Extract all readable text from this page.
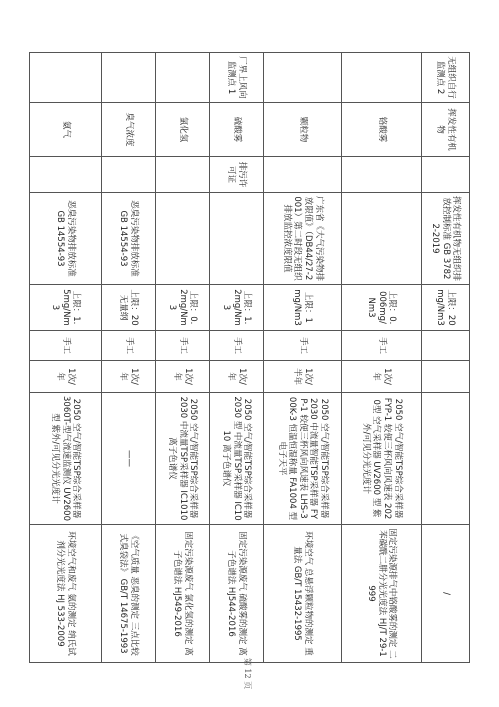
无组织自行监测点 2	挥发性有机物		挥发性有机物无组织排放控制标准 GB 37822-2019	上限：20mg/Nm3				/
	铬酸雾			上限：0.006mg/Nm3	手工	1次/年	2050 空气/智能TSP综合采样器 FYP-1 较便三杯风向风速表 2020型 空气采样器 UV2600 型 紫外/可见分光光度计	固定污染源排气中铬酸雾的测定 二苯碳酰二肼分光光度法 HJ/T 29-1999
	颗粒物		广东省《大气污染物排放限值》（DB44/27-2001）第二时段无组织排放监控浓度限值	上限：1mg/Nm3	手工	1次/半年	2050 空气/智能TSP综合采样器 2030 中流量智能TSP采样器 FYP-1 较便三杯风向风速表 LHS-300K-3 恒温恒湿称量 FA1004 型 电子天平	环境空气 总悬浮颗粒物的测定 重量法 GB/T 15432-1995
厂界上风向监测点 1	硫酸雾	排污许可证		上限：1.2mg/Nm3	手工	1次/年	2050 空气/智能TSP综合采样器 2030 型 中流量TSP采样器 IC1010 离子色谱仪	固定污染源废气 硫酸雾的测定 离子色谱法 HJ544-2016
	氯化氢			上限：0.2mg/Nm3	手工	1次/年	2050 空气/智能TSP综合采样器 2030 中流量TSP采样器 IC1010 离子色谱仪	固定污染源废气 氯化氢的测定 离子色谱法 HJ549-2016
	臭气浓度		恶臭污染物排放标准 GB 14554-93	上限：20无量纲	手工	1次/年	——	《空气质量 恶臭的测定 三点比较式臭袋法》 GB/T 14675-1993
	氨气		恶臭污染物排放标准 GB 14554-93	上限：1.5mg/Nm3	手工	1次/年	2050 空气/智能TSP综合采样器 3060T-型气流速监测仪 UV2600 型 紫外/可见分光光度计	环境空气和废气 氨的测定 纳氏试剂分光光度法 HJ 533-2009
第 12 页
